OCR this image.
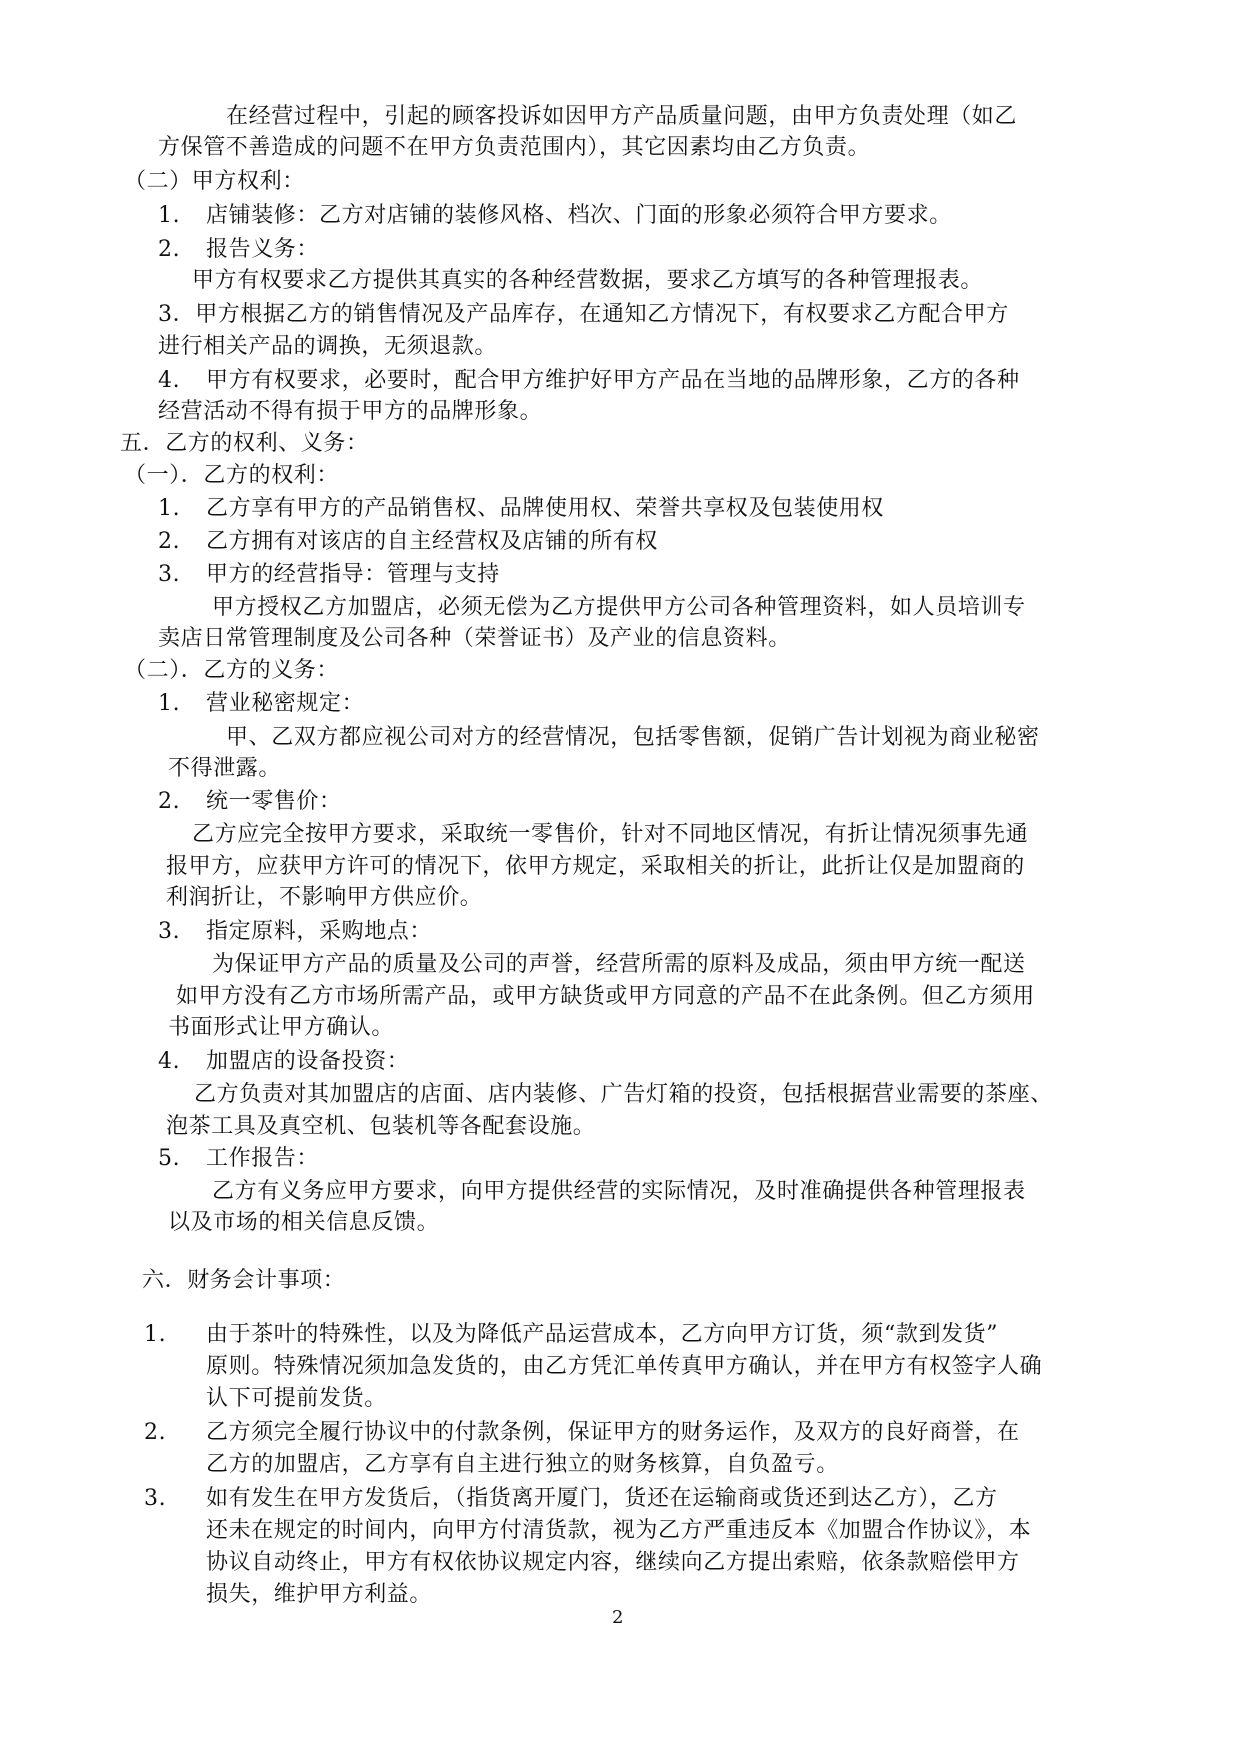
在经营过程中，引起的顾客投诉如因甲方产品质量问题，由甲方负责处理（如乙
方保管不善造成的问题不在甲方负责范围内），其它因素均由乙方负责。
（二）甲方权利：
1. 店铺装修：乙方对店铺的装修风格、档次、门面的形象必须符合甲方要求。
2. 报告义务：
甲方有权要求乙方提供其真实的各种经营数据，要求乙方填写的各种管理报表。
3．甲方根据乙方的销售情况及产品库存，在通知乙方情况下，有权要求乙方配合甲方
进行相关产品的调换，无须退款。
4. 甲方有权要求，必要时，配合甲方维护好甲方产品在当地的品牌形象，乙方的各种
经营活动不得有损于甲方的品牌形象。
五．乙方的权利、义务：
（一）．乙方的权利：
1. 乙方享有甲方的产品销售权、品牌使用权、荣誉共享权及包装使用权
2. 乙方拥有对该店的自主经营权及店铺的所有权
3. 甲方的经营指导：管理与支持
甲方授权乙方加盟店，必须无偿为乙方提供甲方公司各种管理资料，如人员培训专
卖店日常管理制度及公司各种（荣誉证书）及产业的信息资料。
（二）．乙方的义务：
1. 营业秘密规定：
甲、乙双方都应视公司对方的经营情况，包括零售额，促销广告计划视为商业秘密
不得泄露。
2. 统一零售价：
乙方应完全按甲方要求，采取统一零售价，针对不同地区情况，有折让情况须事先通
报甲方，应获甲方许可的情况下，依甲方规定，采取相关的折让，此折让仅是加盟商的
利润折让，不影响甲方供应价。
3. 指定原料，采购地点：
为保证甲方产品的质量及公司的声誉，经营所需的原料及成品，须由甲方统一配送
如甲方没有乙方市场所需产品，或甲方缺货或甲方同意的产品不在此条例。但乙方须用
书面形式让甲方确认。
4. 加盟店的设备投资：
乙方负责对其加盟店的店面、店内装修、广告灯箱的投资，包括根据营业需要的茶座、
泡茶工具及真空机、包装机等各配套设施。
5. 工作报告：
乙方有义务应甲方要求，向甲方提供经营的实际情况，及时准确提供各种管理报表
以及市场的相关信息反馈。
六．财务会计事项：
1. 由于茶叶的特殊性，以及为降低产品运营成本，乙方向甲方订货，须“款到发货”
原则。特殊情况须加急发货的，由乙方凭汇单传真甲方确认，并在甲方有权签字人确
认下可提前发货。
2. 乙方须完全履行协议中的付款条例，保证甲方的财务运作，及双方的良好商誉，在
乙方的加盟店，乙方享有自主进行独立的财务核算，自负盈亏。
3. 如有发生在甲方发货后，（指货离开厦门，货还在运输商或货还到达乙方），乙方
还未在规定的时间内，向甲方付清货款，视为乙方严重违反本《加盟合作协议》，本
协议自动终止，甲方有权依协议规定内容，继续向乙方提出索赔，依条款赔偿甲方
损失，维护甲方利益。
2
